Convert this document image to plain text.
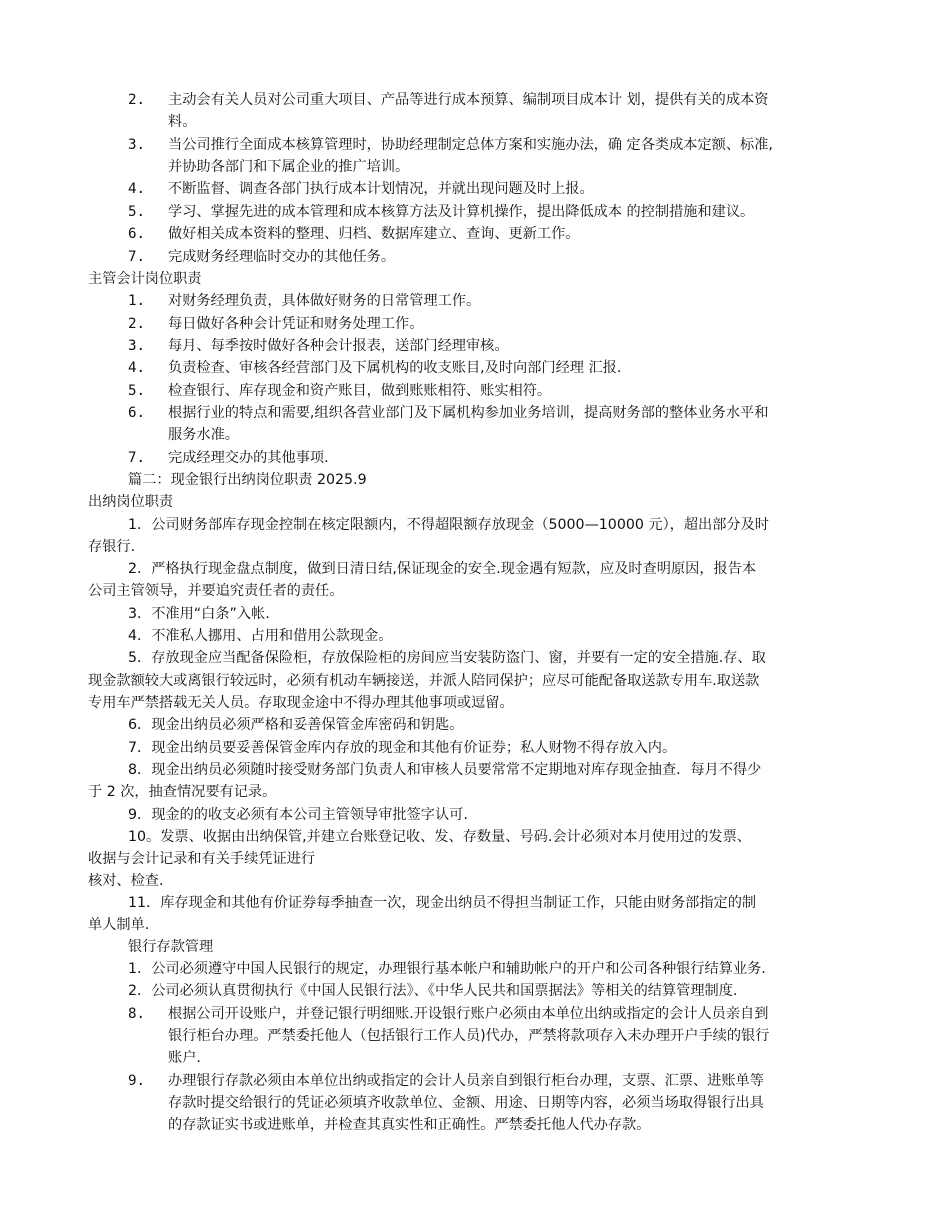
2. 主动会有关人员对公司重大项目、产品等进行成本预算、编制项目成本计 划，提供有关的成本资
料。
3. 当公司推行全面成本核算管理时，协助经理制定总体方案和实施办法，确 定各类成本定额、标准,
并协助各部门和下属企业的推广培训。
4. 不断监督、调查各部门执行成本计划情况，并就出现问题及时上报。
5. 学习、掌握先进的成本管理和成本核算方法及计算机操作，提出降低成本 的控制措施和建议。
6. 做好相关成本资料的整理、归档、数据库建立、查询、更新工作。
7. 完成财务经理临时交办的其他任务。
主管会计岗位职责
1. 对财务经理负责，具体做好财务的日常管理工作。
2. 每日做好各种会计凭证和财务处理工作。
3. 每月、每季按时做好各种会计报表，送部门经理审核。
4. 负责检查、审核各经营部门及下属机构的收支账目,及时向部门经理 汇报.
5. 检查银行、库存现金和资产账目，做到账账相符、账实相符。
6. 根据行业的特点和需要,组织各营业部门及下属机构参加业务培训，提高财务部的整体业务水平和
服务水准。
7. 完成经理交办的其他事项.
篇二：现金银行出纳岗位职责 2025.9
出纳岗位职责
1．公司财务部库存现金控制在核定限额内，不得超限额存放现金（5000—10000 元），超出部分及时
存银行.
2．严格执行现金盘点制度，做到日清日结,保证现金的安全.现金遇有短款，应及时查明原因，报告本
公司主管领导，并要追究责任者的责任。
3．不准用“白条”入帐.
4．不准私人挪用、占用和借用公款现金。
5．存放现金应当配备保险柜，存放保险柜的房间应当安装防盗门、窗，并要有一定的安全措施.存、取
现金款额较大或离银行较远时，必须有机动车辆接送，并派人陪同保护；应尽可能配备取送款专用车.取送款
专用车严禁搭载无关人员。存取现金途中不得办理其他事项或逗留。
6．现金出纳员必须严格和妥善保管金库密码和钥匙。
7．现金出纳员要妥善保管金库内存放的现金和其他有价证券；私人财物不得存放入内。
8．现金出纳员必须随时接受财务部门负责人和审核人员要常常不定期地对库存现金抽查．每月不得少
于 2 次，抽查情况要有记录。
9．现金的的收支必须有本公司主管领导审批签字认可.
10。发票、收据由出纳保管,并建立台账登记收、发、存数量、号码.会计必须对本月使用过的发票、
收据与会计记录和有关手续凭证进行
核对、检查.
11．库存现金和其他有价证券每季抽查一次，现金出纳员不得担当制证工作，只能由财务部指定的制
单人制单.
银行存款管理
1．公司必须遵守中国人民银行的规定，办理银行基本帐户和辅助帐户的开户和公司各种银行结算业务.
2．公司必须认真贯彻执行《中国人民银行法》、《中华人民共和国票据法》等相关的结算管理制度.
8. 根据公司开设账户，并登记银行明细账.开设银行账户必须由本单位出纳或指定的会计人员亲自到
银行柜台办理。严禁委托他人（包括银行工作人员)代办，严禁将款项存入未办理开户手续的银行
账户.
9. 办理银行存款必须由本单位出纳或指定的会计人员亲自到银行柜台办理，支票、汇票、进账单等
存款时提交给银行的凭证必须填齐收款单位、金额、用途、日期等内容，必须当场取得银行出具
的存款证实书或进账单，并检查其真实性和正确性。严禁委托他人代办存款。
